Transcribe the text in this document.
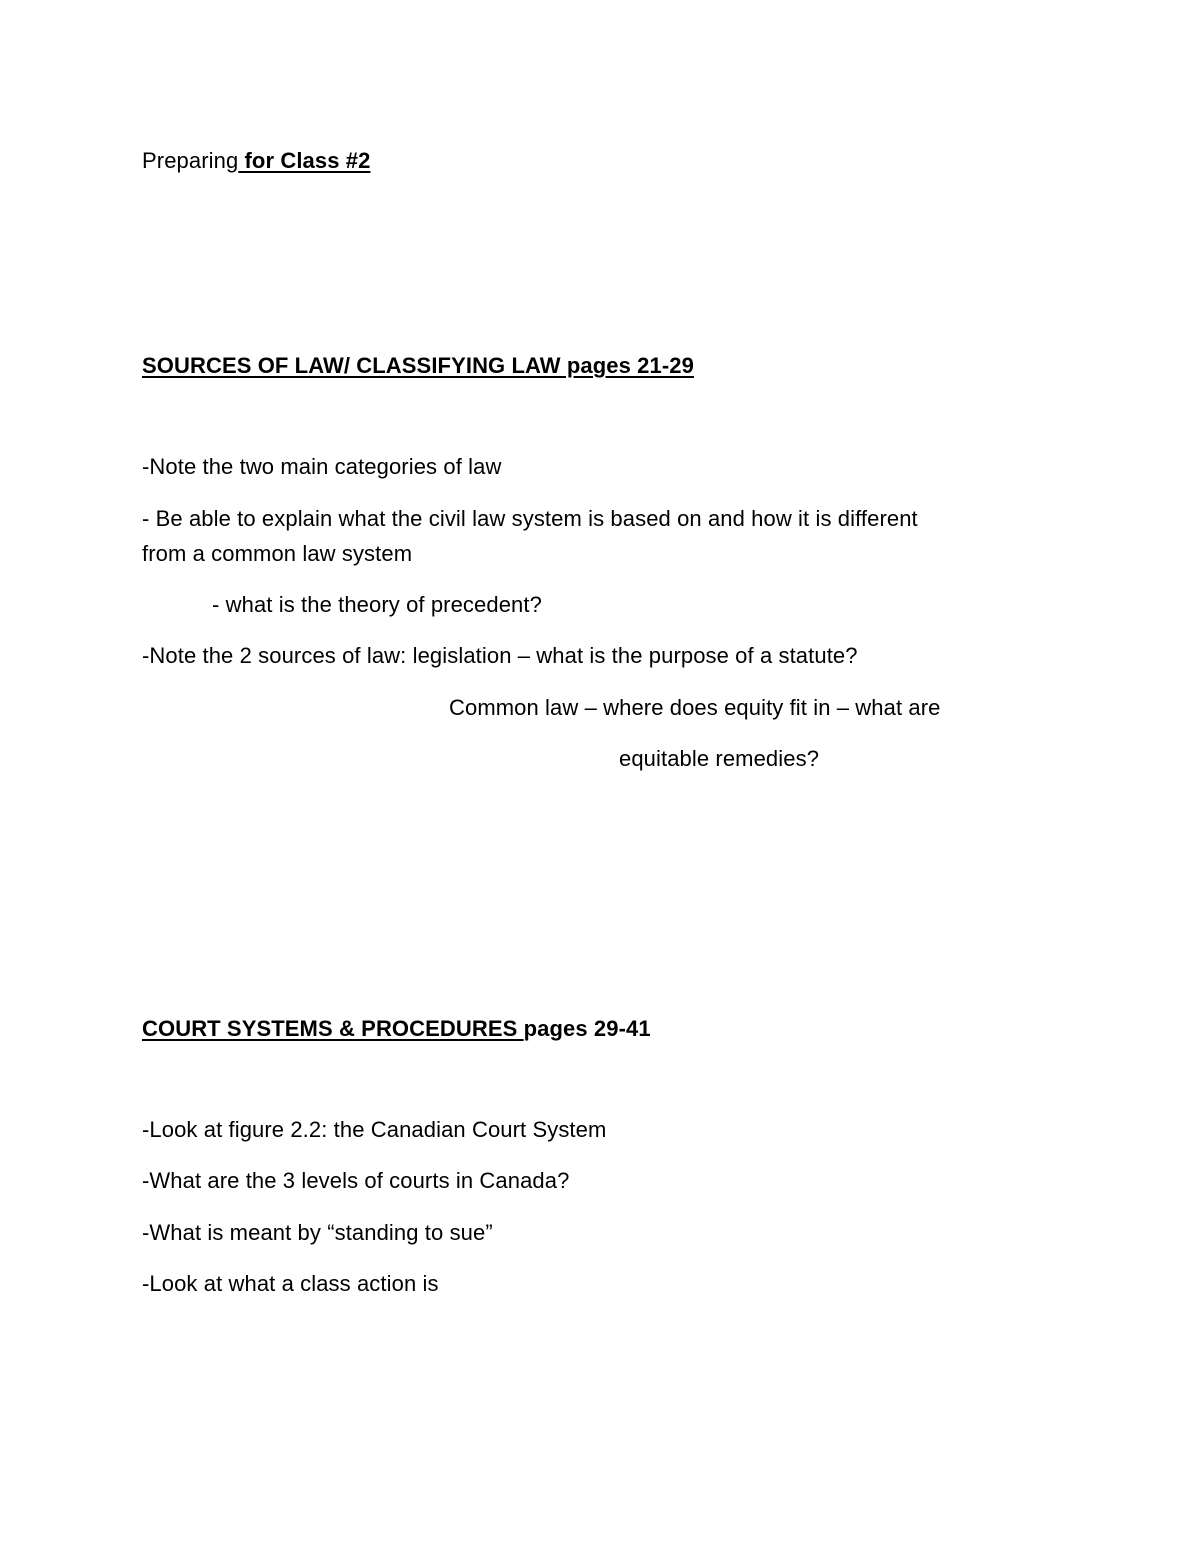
Preparing for Class #2
SOURCES OF LAW/ CLASSIFYING LAW pages 21-29
-Note the two main categories of law
- Be able to explain what the civil law system is based on and how it is different
from a common law system
- what is the theory of precedent?
-Note the 2 sources of law: legislation – what is the purpose of a statute?
Common law – where does equity fit in – what are
equitable remedies?
COURT SYSTEMS & PROCEDURES pages 29-41
-Look at figure 2.2: the Canadian Court System
-What are the 3 levels of courts in Canada?
-What is meant by “standing to sue”
-Look at what a class action is
